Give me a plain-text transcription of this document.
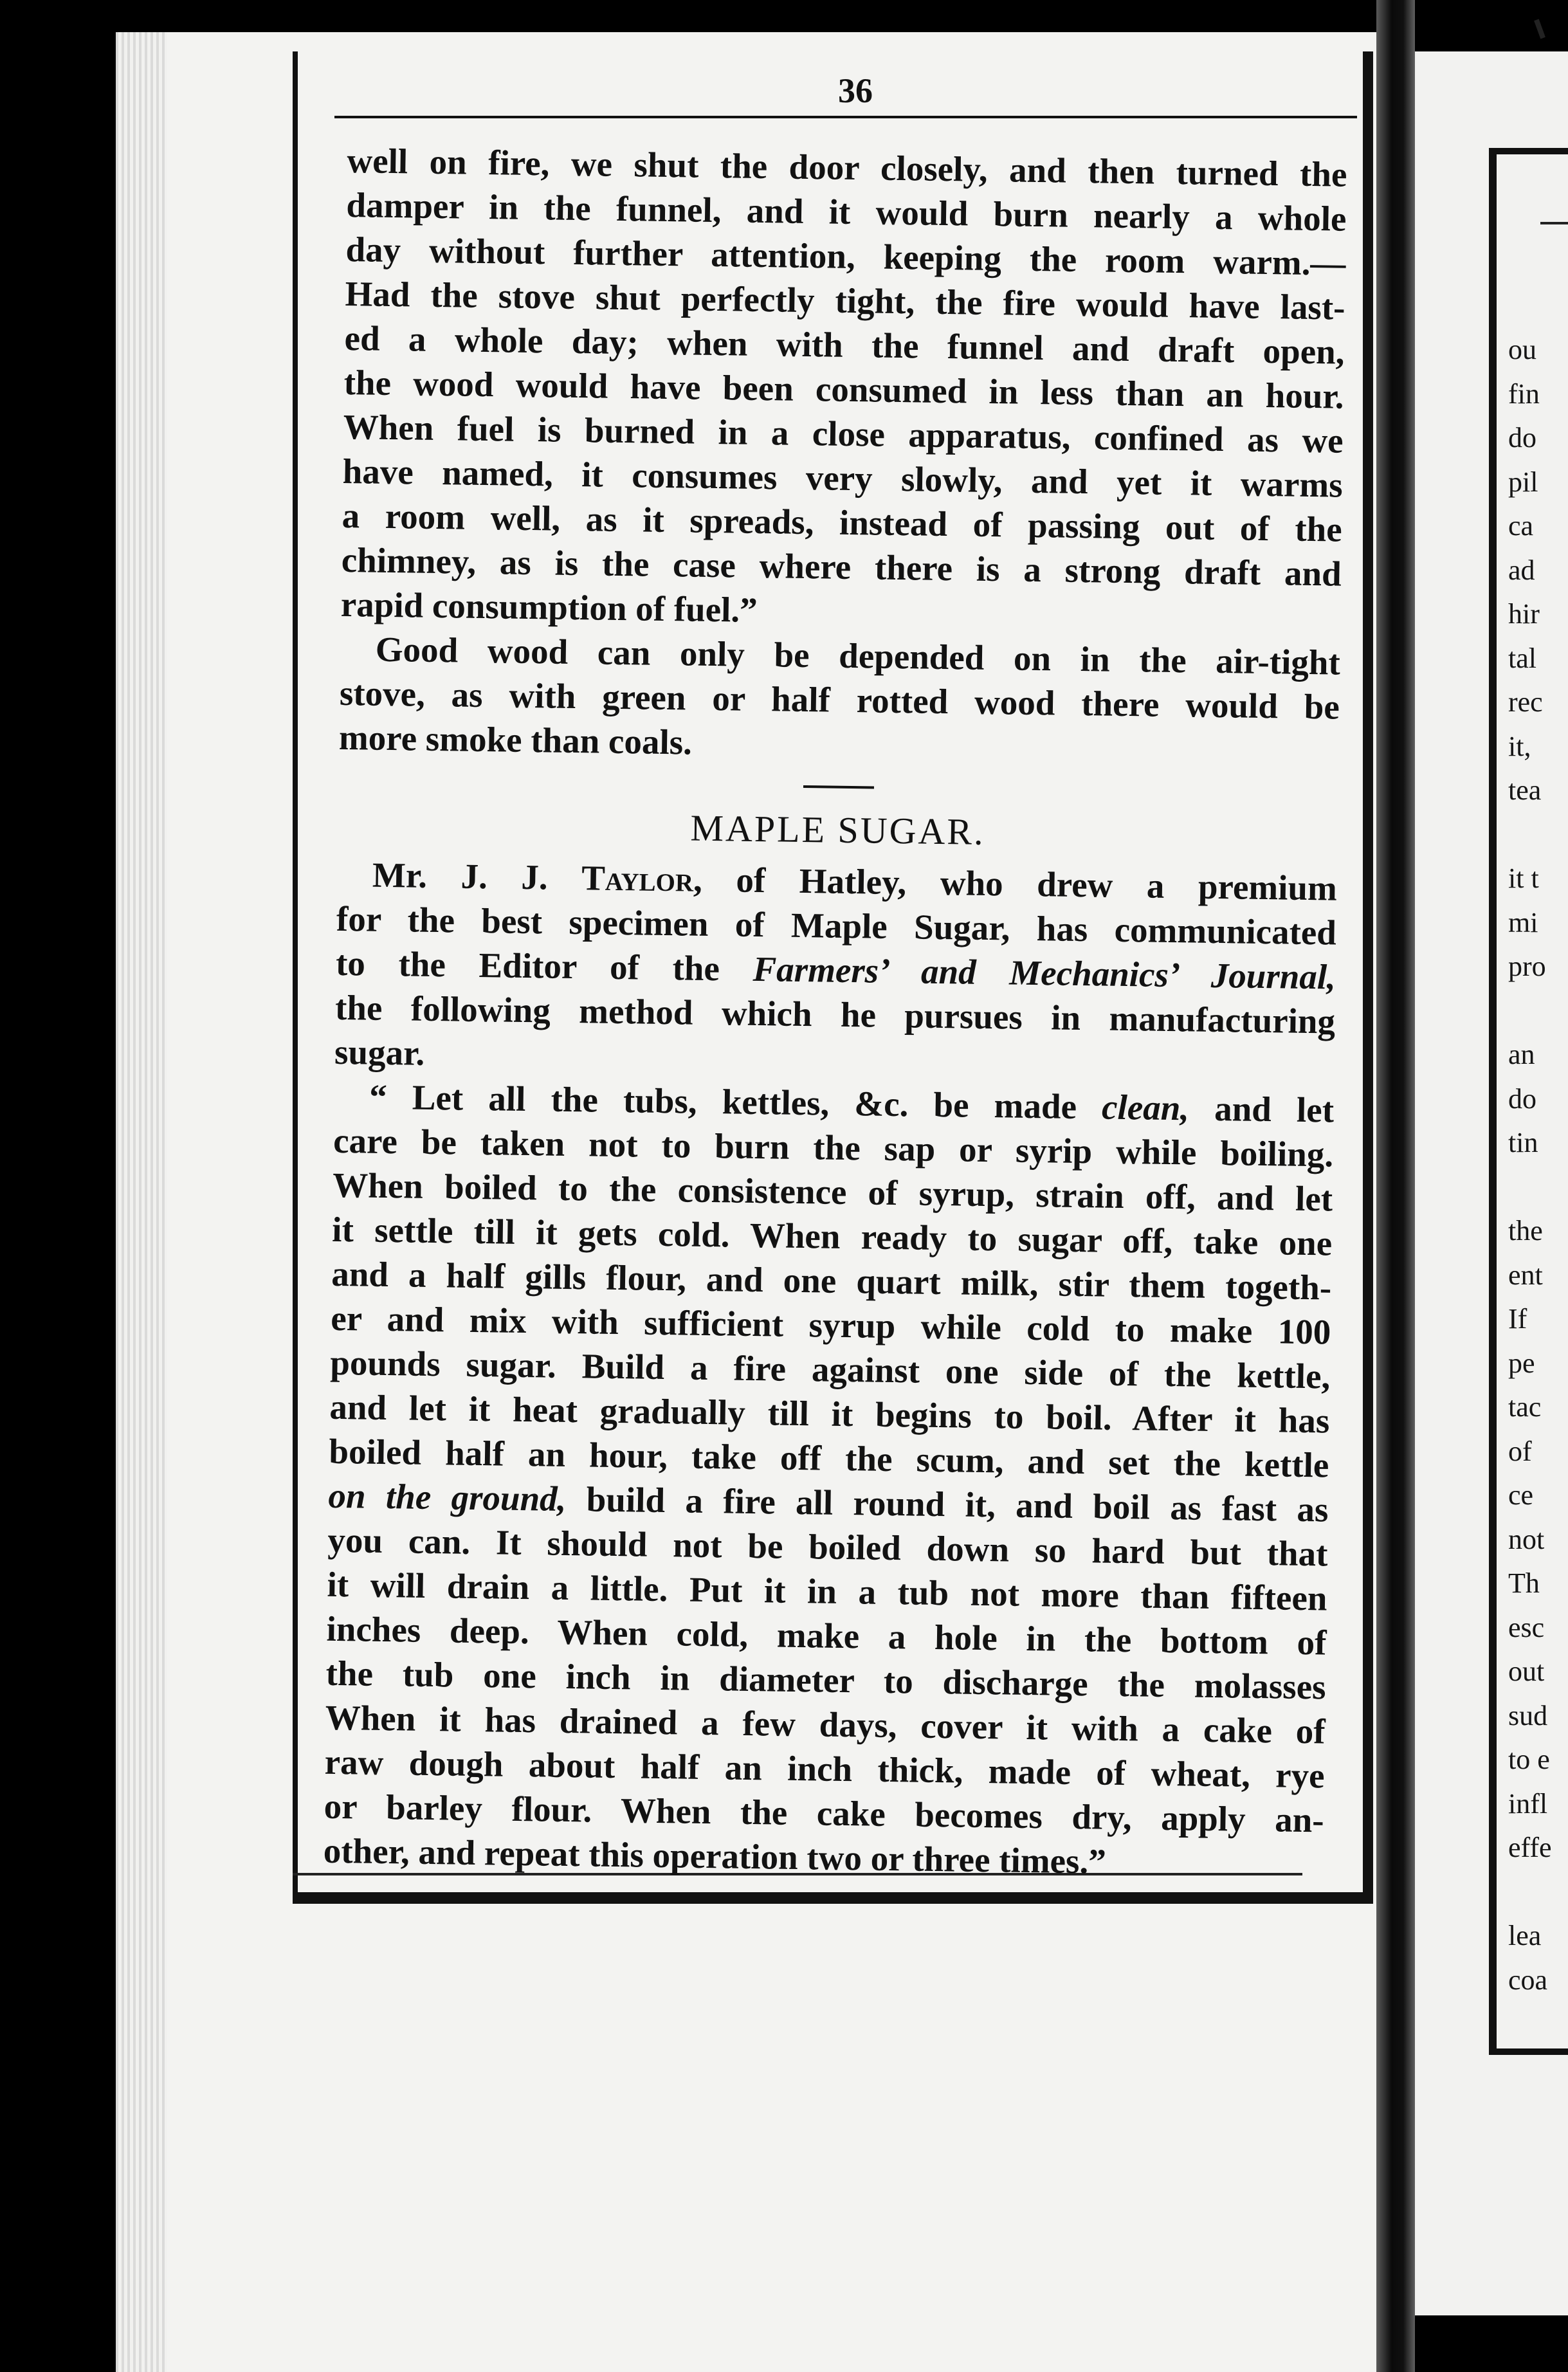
36
well on fire, we shut the door closely, and then turned the
damper in the funnel, and it would burn nearly a whole
day without further attention, keeping the room warm.—
Had the stove shut perfectly tight, the fire would have last-
ed a whole day; when with the funnel and draft open,
the wood would have been consumed in less than an hour.
When fuel is burned in a close apparatus, confined as we
have named, it consumes very slowly, and yet it warms
a room well, as it spreads, instead of passing out of the
chimney, as is the case where there is a strong draft and
rapid consumption of fuel.”
Good wood can only be depended on in the air-tight
stove, as with green or half rotted wood there would be
more smoke than coals.
MAPLE SUGAR.
Mr. J. J. Taylor, of Hatley, who drew a premium
for the best specimen of Maple Sugar, has communicated
to the Editor of the Farmers’ and Mechanics’ Journal,
the following method which he pursues in manufacturing
sugar.
“ Let all the tubs, kettles, &c. be made clean, and let
care be taken not to burn the sap or syrip while boiling.
When boiled to the consistence of syrup, strain off, and let
it settle till it gets cold. When ready to sugar off, take one
and a half gills flour, and one quart milk, stir them togeth-
er and mix with sufficient syrup while cold to make 100
pounds sugar. Build a fire against one side of the kettle,
and let it heat gradually till it begins to boil. After it has
boiled half an hour, take off the scum, and set the kettle
on the ground, build a fire all round it, and boil as fast as
you can. It should not be boiled down so hard but that
it will drain a little. Put it in a tub not more than fifteen
inches deep. When cold, make a hole in the bottom of
the tub one inch in diameter to discharge the molasses
When it has drained a few days, cover it with a cake of
raw dough about half an inch thick, made of wheat, rye
or barley flour. When the cake becomes dry, apply an-
other, and repeat this operation two or three times.”
ou
fin
do
pil
ca
ad
hir
tal
rec
it,
tea
it t
mi
pro
an
do
tin
the
ent
If
pe
tac
of
ce
not
Th
esc
out
sud
to e
infl
effe
lea
coa
